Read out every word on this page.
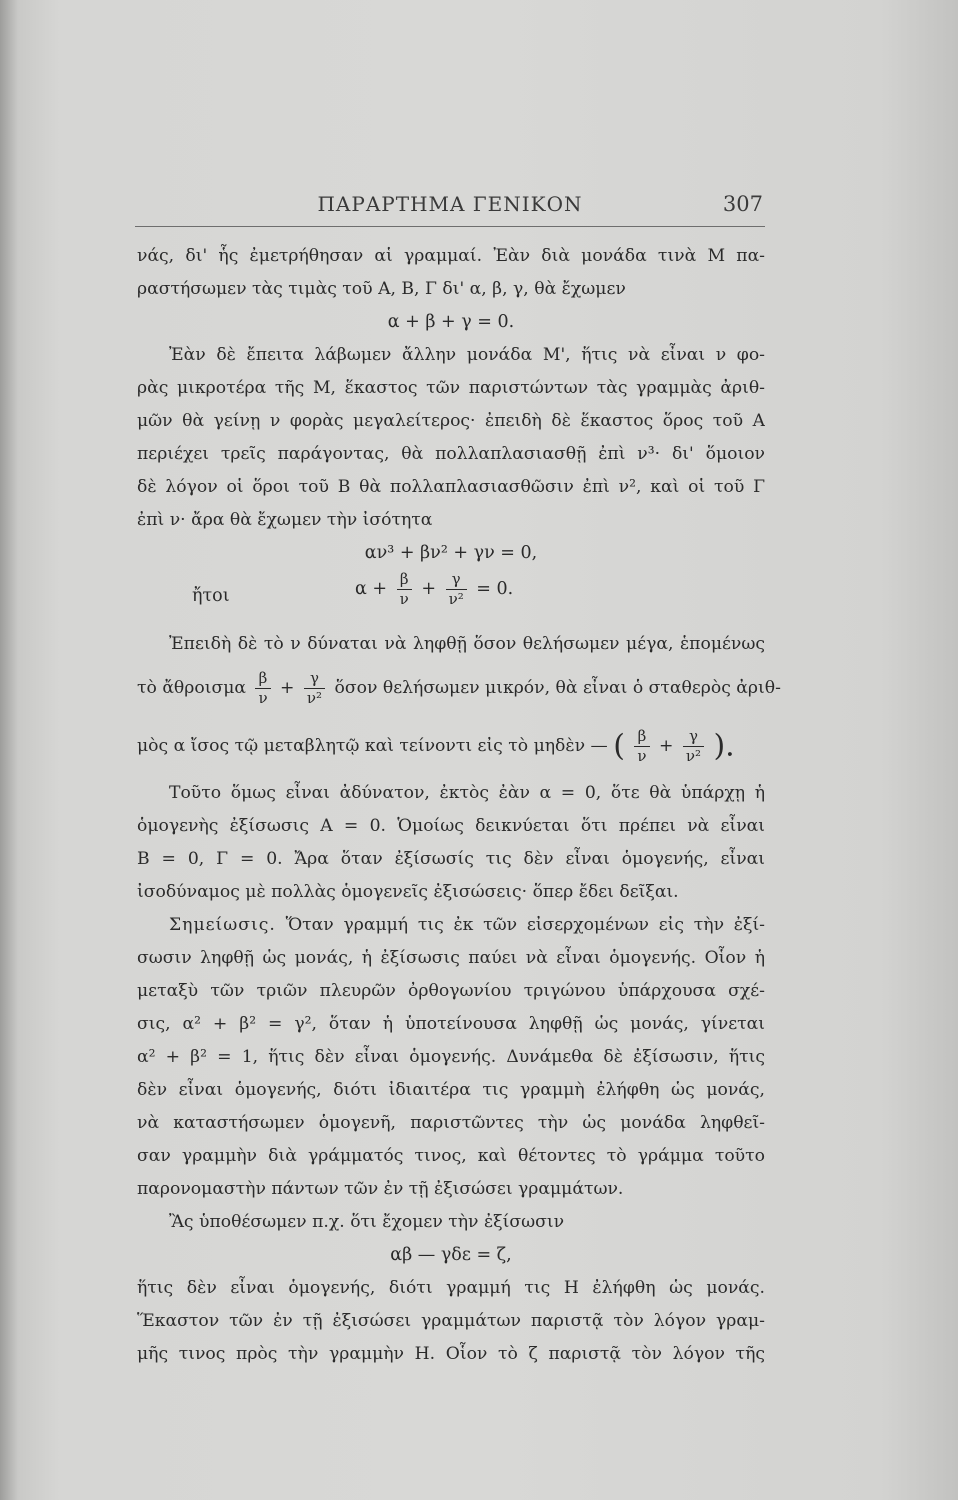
ΠΑΡΑΡΤΗΜΑ ΓΕΝΙΚΟΝ	307
νάς, δι' ἧς ἐμετρήθησαν αἱ γραμμαί. Ἐὰν διὰ μονάδα τινὰ Μ πα-
ραστήσωμεν τὰς τιμὰς τοῦ Α, Β, Γ δι' α, β, γ, θὰ ἔχωμεν
α + β + γ = 0.
Ἐὰν δὲ ἔπειτα λάβωμεν ἄλλην μονάδα Μ', ἥτις νὰ εἶναι ν φο-
ρὰς μικροτέρα τῆς Μ, ἕκαστος τῶν παριστώντων τὰς γραμμὰς ἀριθ-
μῶν θὰ γείνῃ ν φορὰς μεγαλείτερος· ἐπειδὴ δὲ ἕκαστος ὅρος τοῦ Α
περιέχει τρεῖς παράγοντας, θὰ πολλαπλασιασθῇ ἐπὶ ν³· δι' ὅμοιον
δὲ λόγον οἱ ὅροι τοῦ Β θὰ πολλαπλασιασθῶσιν ἐπὶ ν², καὶ οἱ τοῦ Γ
ἐπὶ ν· ἄρα θὰ ἔχωμεν τὴν ἰσότητα
αν³ + βν² + γν = 0,
ἤτοι	$\alpha + \frac{\beta}{\nu} + \frac{\gamma}{\text{ν²}} = 0$.
Ἐπειδὴ δὲ τὸ ν δύναται νὰ ληφθῇ ὅσον θελήσωμεν μέγα, ἑπομένως
τὸ ἄθροισμα $\frac{\beta}{\nu} + \frac{\gamma}{\text{ν²}}$ ὅσον θελήσωμεν μικρόν, θὰ εἶναι ὁ σταθερὸς ἀριθ-
μὸς α ἴσος τῷ μεταβλητῷ καὶ τείνοντι εἰς τὸ μηδὲν — ( $\frac{\beta}{\nu} + \frac{\gamma}{\text{ν²}}$ ).
Τοῦτο ὅμως εἶναι ἀδύνατον, ἐκτὸς ἐὰν α = 0, ὅτε θὰ ὑπάρχῃ ἡ
ὁμογενὴς ἐξίσωσις Α = 0. Ὁμοίως δεικνύεται ὅτι πρέπει νὰ εἶναι
Β = 0, Γ = 0. Ἄρα ὅταν ἐξίσωσίς τις δὲν εἶναι ὁμογενής, εἶναι
ἰσοδύναμος μὲ πολλὰς ὁμογενεῖς ἐξισώσεις· ὅπερ ἔδει δεῖξαι.
Σημείωσις. Ὅταν γραμμή τις ἐκ τῶν εἰσερχομένων εἰς τὴν ἐξί-
σωσιν ληφθῇ ὡς μονάς, ἡ ἐξίσωσις παύει νὰ εἶναι ὁμογενής. Οἷον ἡ
μεταξὺ τῶν τριῶν πλευρῶν ὀρθογωνίου τριγώνου ὑπάρχουσα σχέ-
σις, α² + β² = γ², ὅταν ἡ ὑποτείνουσα ληφθῇ ὡς μονάς, γίνεται
α² + β² = 1, ἥτις δὲν εἶναι ὁμογενής. Δυνάμεθα δὲ ἐξίσωσιν, ἥτις
δὲν εἶναι ὁμογενής, διότι ἰδιαιτέρα τις γραμμὴ ἐλήφθη ὡς μονάς,
νὰ καταστήσωμεν ὁμογενῆ, παριστῶντες τὴν ὡς μονάδα ληφθεῖ-
σαν γραμμὴν διὰ γράμματός τινος, καὶ θέτοντες τὸ γράμμα τοῦτο
παρονομαστὴν πάντων τῶν ἐν τῇ ἐξισώσει γραμμάτων.
Ἂς ὑποθέσωμεν π.χ. ὅτι ἔχομεν τὴν ἐξίσωσιν
αβ — γδε = ζ,
ἥτις δὲν εἶναι ὁμογενής, διότι γραμμή τις Η ἐλήφθη ὡς μονάς.
Ἕκαστον τῶν ἐν τῇ ἐξισώσει γραμμάτων παριστᾷ τὸν λόγον γραμ-
μῆς τινος πρὸς τὴν γραμμὴν Η. Οἷον τὸ ζ παριστᾷ τὸν λόγον τῆς
